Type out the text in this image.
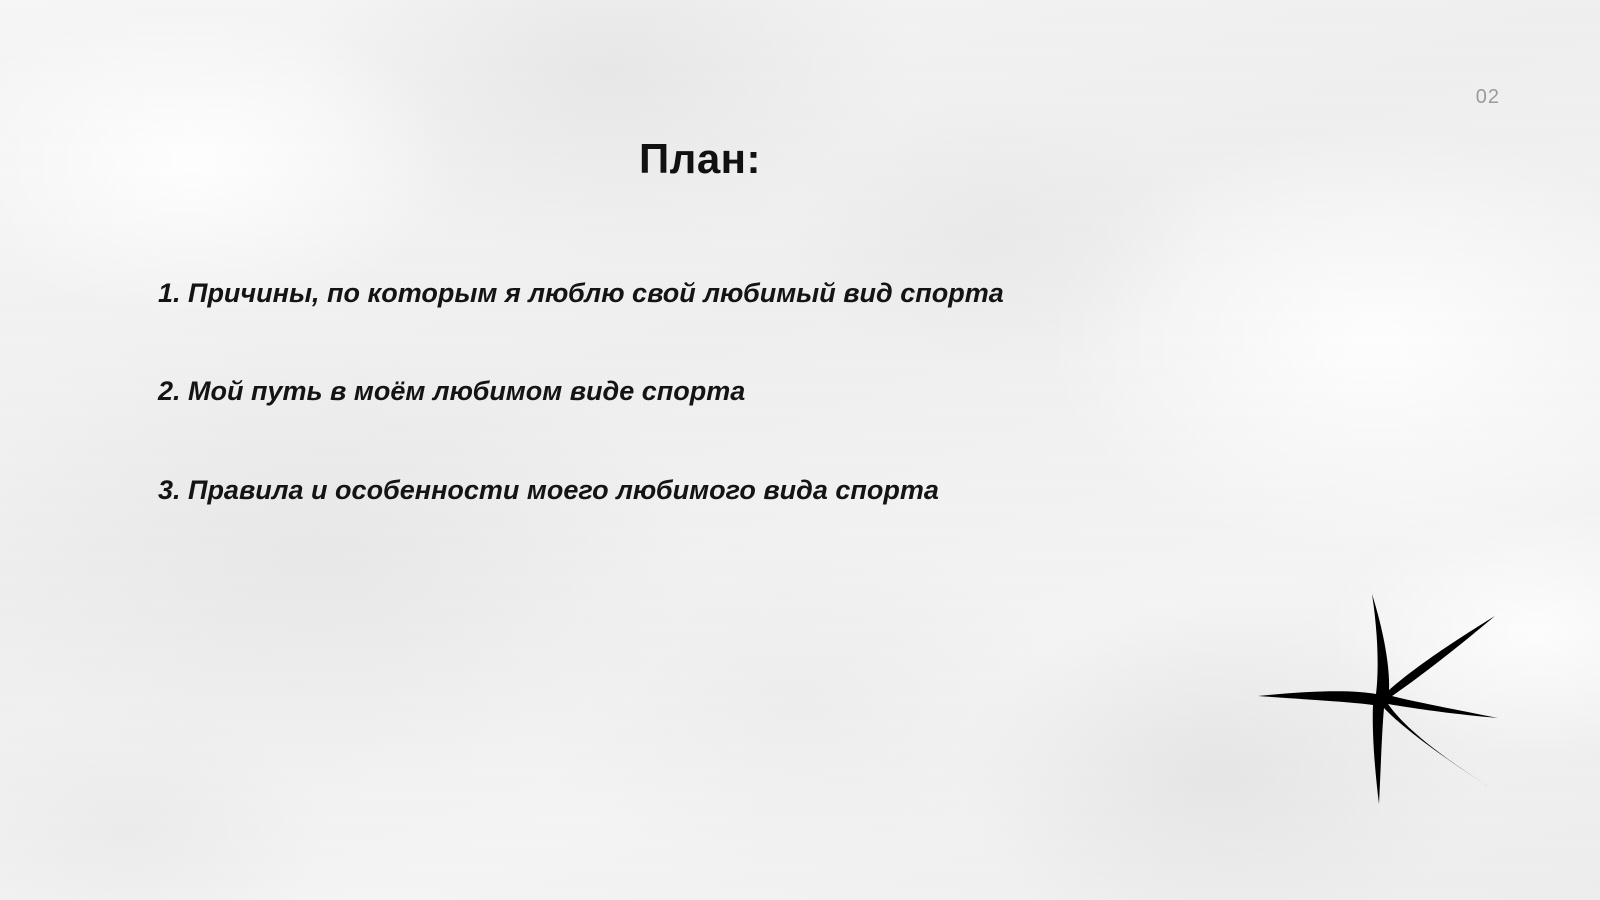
02
План:
1. Причины, по которым я люблю свой любимый вид спорта
2. Мой путь в моём любимом виде спорта
3. Правила и особенности моего любимого вида спорта
